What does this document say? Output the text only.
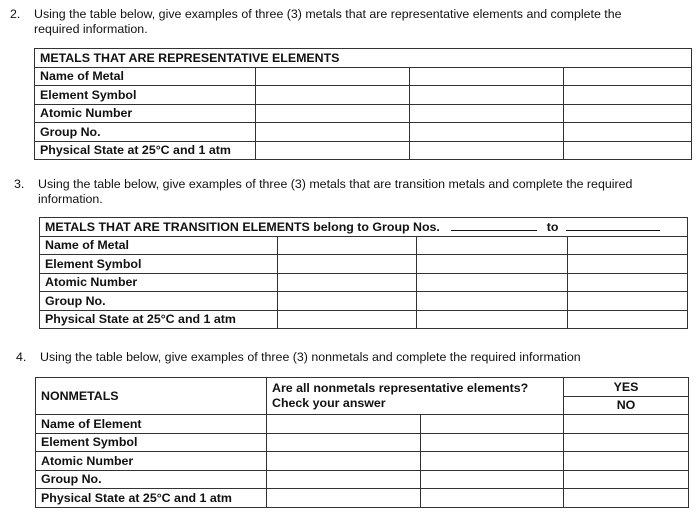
2. Using the table below, give examples of three (3) metals that are representative elements and complete the
required information.
METALS THAT ARE REPRESENTATIVE ELEMENTS			
Name of Metal			
Element Symbol			
Atomic Number			
Group No.			
Physical State at 25°C and 1 atm			
3. Using the table below, give examples of three (3) metals that are transition metals and complete the required
information.
METALS THAT ARE TRANSITION ELEMENTS belong to Group Nos. to			
Name of Metal			
Element Symbol			
Atomic Number			
Group No.			
Physical State at 25°C and 1 atm			
4. Using the table below, give examples of three (3) nonmetals and complete the required information
NONMETALS	
Are all nonmetals representative elements?
Check your answer

YES
NO

Name of Element			
Element Symbol			
Atomic Number			
Group No.			
Physical State at 25°C and 1 atm			
